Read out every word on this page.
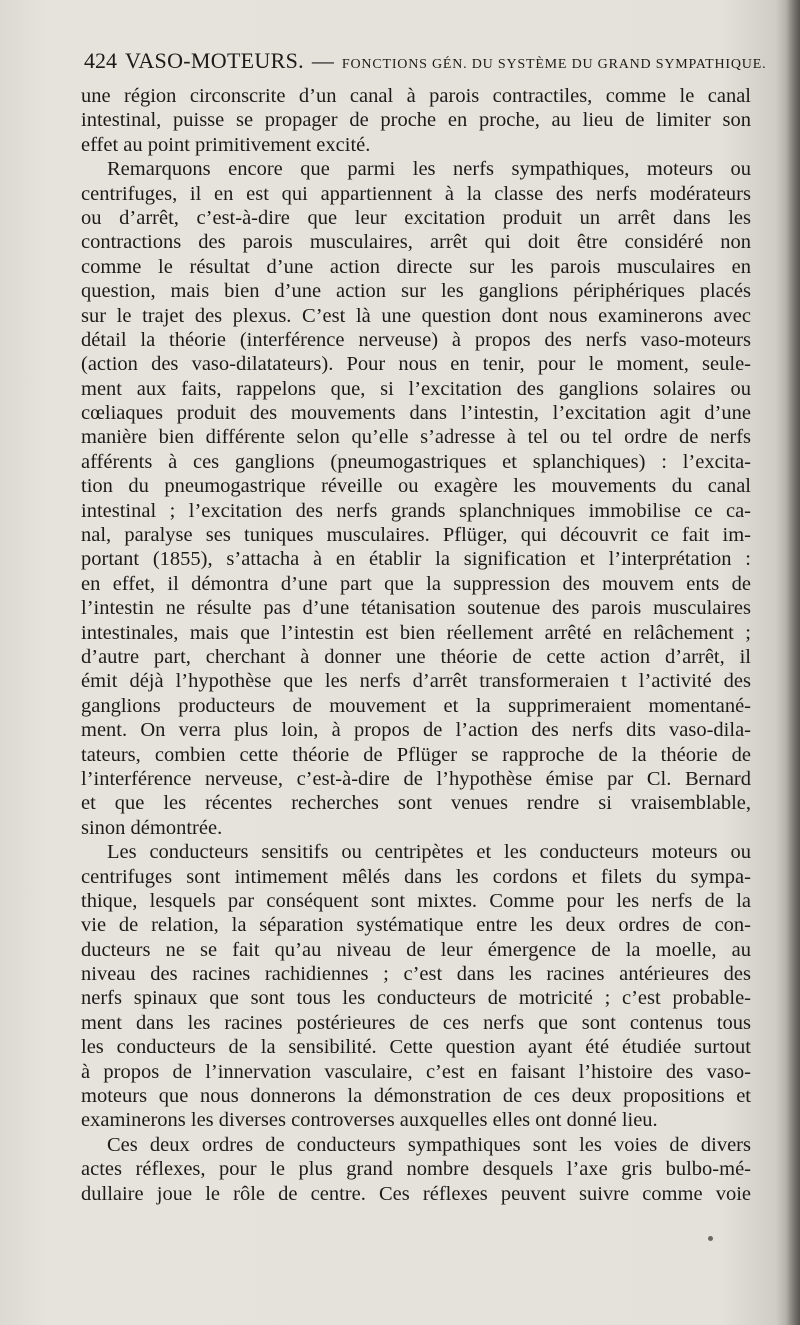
424 VASO-MOTEURS. — FONCTIONS GÉN. DU SYSTÈME DU GRAND SYMPATHIQUE.
une région circonscrite d’un canal à parois contractiles, comme le canal
intestinal, puisse se propager de proche en proche, au lieu de limiter son
effet au point primitivement excité.
Remarquons encore que parmi les nerfs sympathiques, moteurs ou
centrifuges, il en est qui appartiennent à la classe des nerfs modérateurs
ou d’arrêt, c’est-à-dire que leur excitation produit un arrêt dans les
contractions des parois musculaires, arrêt qui doit être considéré non
comme le résultat d’une action directe sur les parois musculaires en
question, mais bien d’une action sur les ganglions périphériques placés
sur le trajet des plexus. C’est là une question dont nous examinerons avec
détail la théorie (interférence nerveuse) à propos des nerfs vaso-moteurs
(action des vaso-dilatateurs). Pour nous en tenir, pour le moment, seule-
ment aux faits, rappelons que, si l’excitation des ganglions solaires ou
cœliaques produit des mouvements dans l’intestin, l’excitation agit d’une
manière bien différente selon qu’elle s’adresse à tel ou tel ordre de nerfs
afférents à ces ganglions (pneumogastriques et splanchiques) : l’excita-
tion du pneumogastrique réveille ou exagère les mouvements du canal
intestinal ; l’excitation des nerfs grands splanchniques immobilise ce ca-
nal, paralyse ses tuniques musculaires. Pflüger, qui découvrit ce fait im-
portant (1855), s’attacha à en établir la signification et l’interprétation :
en effet, il démontra d’une part que la suppression des mouvem ents de
l’intestin ne résulte pas d’une tétanisation soutenue des parois musculaires
intestinales, mais que l’intestin est bien réellement arrêté en relâchement ;
d’autre part, cherchant à donner une théorie de cette action d’arrêt, il
émit déjà l’hypothèse que les nerfs d’arrêt transformeraien t l’activité des
ganglions producteurs de mouvement et la supprimeraient momentané-
ment. On verra plus loin, à propos de l’action des nerfs dits vaso-dila-
tateurs, combien cette théorie de Pflüger se rapproche de la théorie de
l’interférence nerveuse, c’est-à-dire de l’hypothèse émise par Cl. Bernard
et que les récentes recherches sont venues rendre si vraisemblable,
sinon démontrée.
Les conducteurs sensitifs ou centripètes et les conducteurs moteurs ou
centrifuges sont intimement mêlés dans les cordons et filets du sympa-
thique, lesquels par conséquent sont mixtes. Comme pour les nerfs de la
vie de relation, la séparation systématique entre les deux ordres de con-
ducteurs ne se fait qu’au niveau de leur émergence de la moelle, au
niveau des racines rachidiennes ; c’est dans les racines antérieures des
nerfs spinaux que sont tous les conducteurs de motricité ; c’est probable-
ment dans les racines postérieures de ces nerfs que sont contenus tous
les conducteurs de la sensibilité. Cette question ayant été étudiée surtout
à propos de l’innervation vasculaire, c’est en faisant l’histoire des vaso-
moteurs que nous donnerons la démonstration de ces deux propositions et
examinerons les diverses controverses auxquelles elles ont donné lieu.
Ces deux ordres de conducteurs sympathiques sont les voies de divers
actes réflexes, pour le plus grand nombre desquels l’axe gris bulbo-mé-
dullaire joue le rôle de centre. Ces réflexes peuvent suivre comme voie
